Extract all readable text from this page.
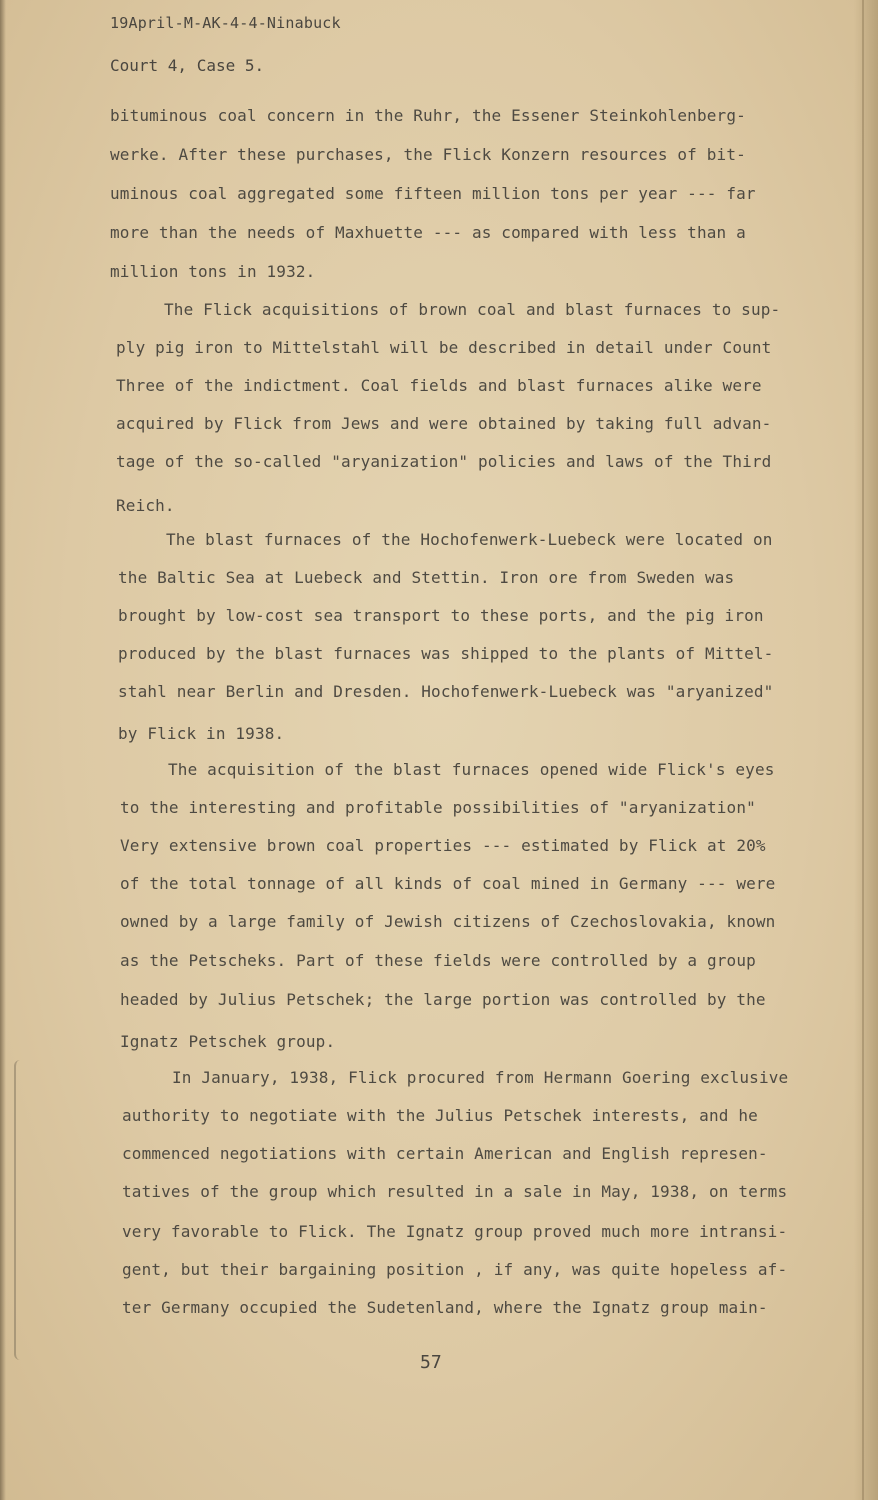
19April-M-AK-4-4-Ninabuck
Court 4, Case 5.
bituminous coal concern in the Ruhr, the Essener Steinkohlenberg-
werke. After these purchases, the Flick Konzern resources of bit-
uminous coal aggregated some fifteen million tons per year --- far
more than the needs of Maxhuette --- as compared with less than a
million tons in 1932.
The Flick acquisitions of brown coal and blast furnaces to sup-
ply pig iron to Mittelstahl will be described in detail under Count
Three of the indictment. Coal fields and blast furnaces alike were
acquired by Flick from Jews and were obtained by taking full advan-
tage of the so-called "aryanization" policies and laws of the Third
Reich.
The blast furnaces of the Hochofenwerk-Luebeck were located on
the Baltic Sea at Luebeck and Stettin. Iron ore from Sweden was
brought by low-cost sea transport to these ports, and the pig iron
produced by the blast furnaces was shipped to the plants of Mittel-
stahl near Berlin and Dresden. Hochofenwerk-Luebeck was "aryanized"
by Flick in 1938.
The acquisition of the blast furnaces opened wide Flick's eyes
to the interesting and profitable possibilities of "aryanization"
Very extensive brown coal properties --- estimated by Flick at 20%
of the total tonnage of all kinds of coal mined in Germany --- were
owned by a large family of Jewish citizens of Czechoslovakia, known
as the Petscheks. Part of these fields were controlled by a group
headed by Julius Petschek; the large portion was controlled by the
Ignatz Petschek group.
In January, 1938, Flick procured from Hermann Goering exclusive
authority to negotiate with the Julius Petschek interests, and he
commenced negotiations with certain American and English represen-
tatives of the group which resulted in a sale in May, 1938, on terms
very favorable to Flick. The Ignatz group proved much more intransi-
gent, but their bargaining position , if any, was quite hopeless af-
ter Germany occupied the Sudetenland, where the Ignatz group main-
57
